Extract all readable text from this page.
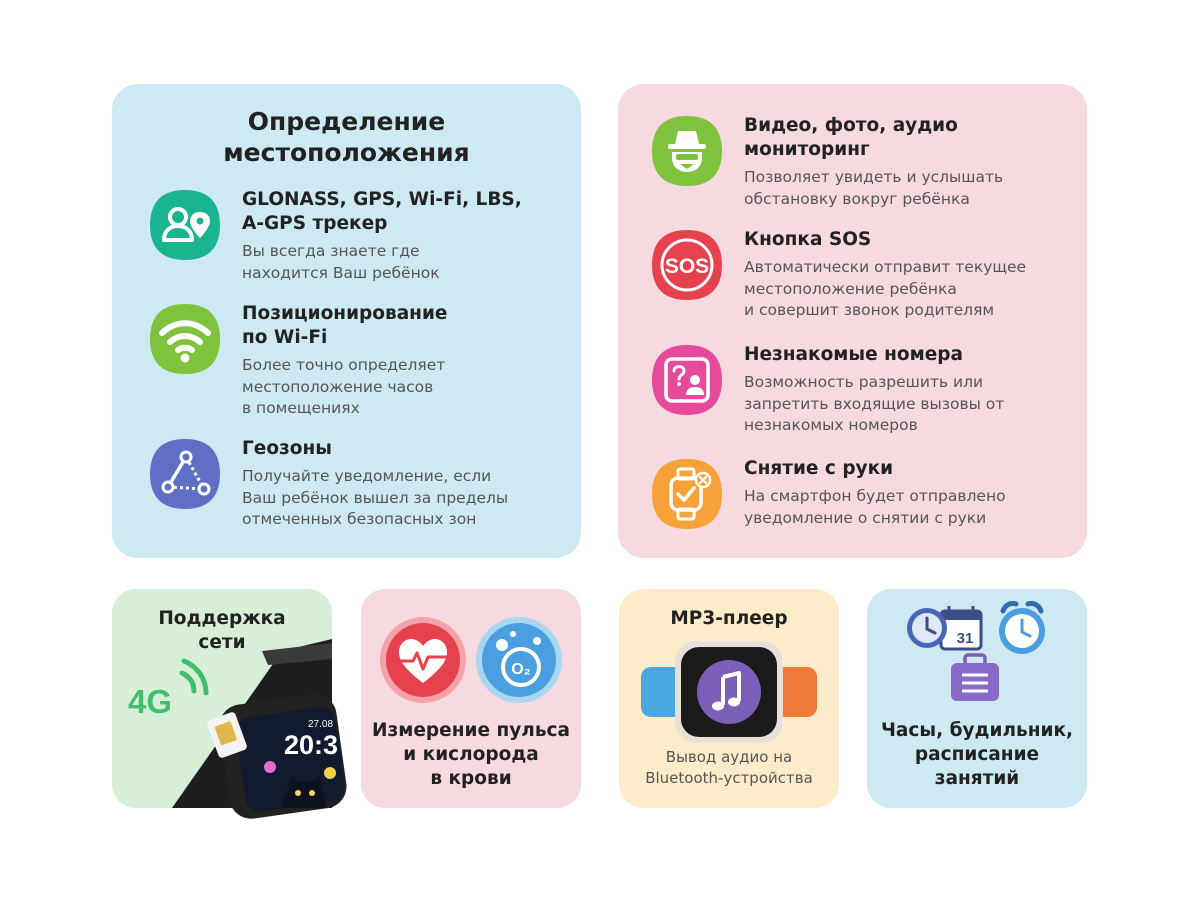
Определение
местоположения
GLONASS, GPS, Wi-Fi, LBS,
A-GPS трекер
Вы всегда знаете где
находится Ваш ребёнок
Позиционирование
по Wi-Fi
Более точно определяет
местоположение часов
в помещениях
Геозоны
Получайте уведомление, если
Ваш ребёнок вышел за пределы
отмеченных безопасных зон
Видео, фото, аудио
мониторинг
Позволяет увидеть и услышать
обстановку вокруг ребёнка
SOS
Кнопка SOS
Автоматически отправит текущее
местоположение ребёнка
и совершит звонок родителям
Незнакомые номера
Возможность разрешить или
запретить входящие вызовы от
незнакомых номеров
Снятие с руки
На смартфон будет отправлено
уведомление о снятии с руки
Поддержка
сети
4G
27.08
20:3
O₂
Измерение пульса
и кислорода
в крови
MP3-плеер
Вывод аудио на
Bluetooth-устройства
31
Часы, будильник,
расписание
занятий
